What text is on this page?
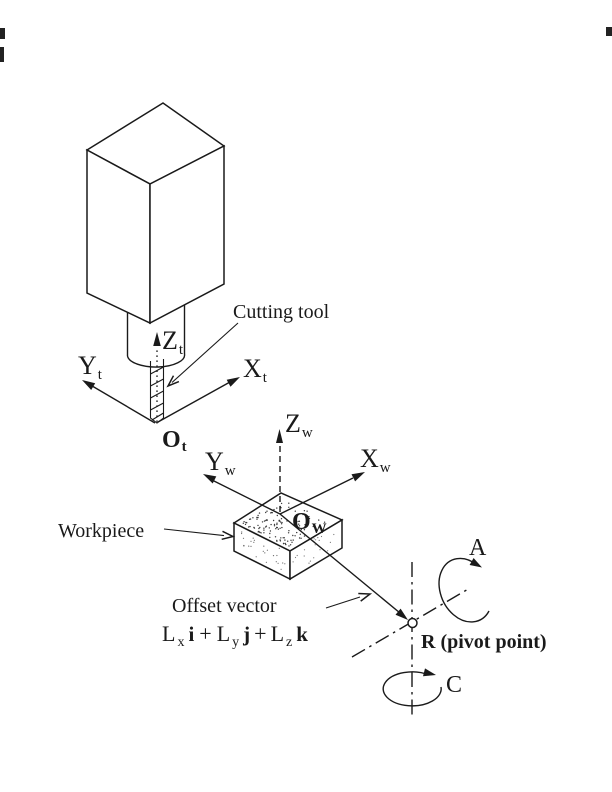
Zt
Yt	Xt
Ot
Cutting tool
Workpiece
Zw
Yw	Xw
OW
Offset vector
L $_x$ i + L $_y$ j + L $_z$ k
A
C
R (pivot point)
